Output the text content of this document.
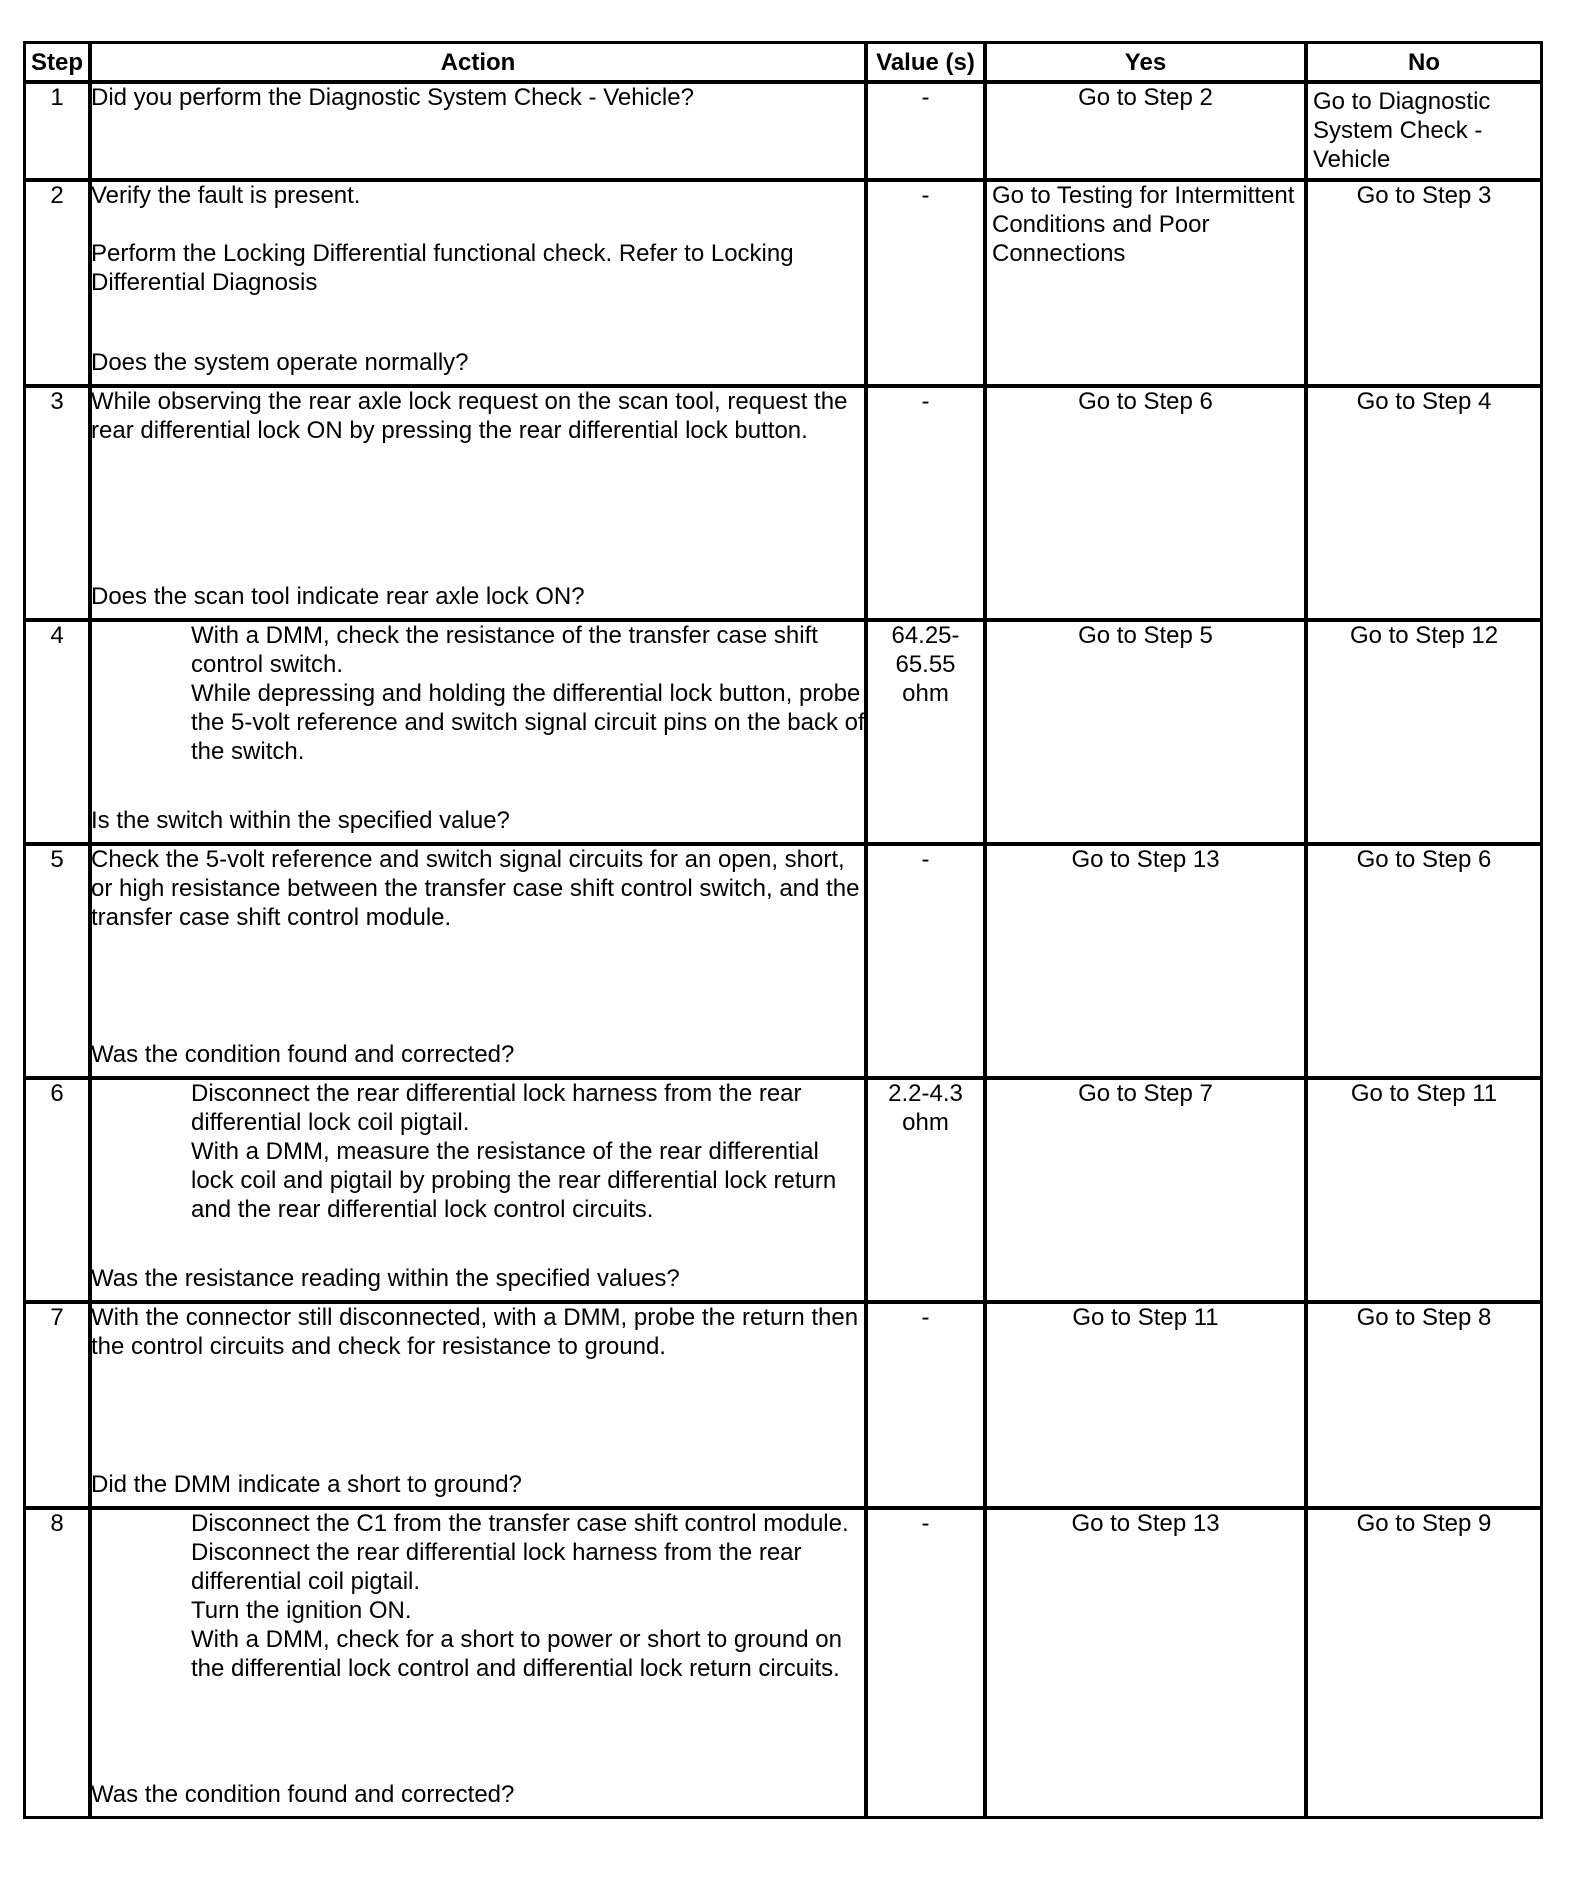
Step	Action	Value (s)	Yes	No
1	Did you perform the Diagnostic System Check - Vehicle?	-	Go to Step 2	Go to Diagnostic System Check - Vehicle
2	Verify the fault is present.
Perform the Locking Differential functional check. Refer to Locking Differential Diagnosis
Does the system operate normally?	-	Go to Testing for Intermittent Conditions and Poor Connections	Go to Step 3
3	While observing the rear axle lock request on the scan tool, request the rear differential lock ON by pressing the rear differential lock button.
Does the scan tool indicate rear axle lock ON?	-	Go to Step 6	Go to Step 4
4	With a DMM, check the resistance of the transfer case shift control switch.
While depressing and holding the differential lock button, probe the 5-volt reference and switch signal circuit pins on the back of the switch.
Is the switch within the specified value?	64.25-65.55 ohm	Go to Step 5	Go to Step 12
5	Check the 5-volt reference and switch signal circuits for an open, short, or high resistance between the transfer case shift control switch, and the transfer case shift control module.
Was the condition found and corrected?	-	Go to Step 13	Go to Step 6
6	Disconnect the rear differential lock harness from the rear differential lock coil pigtail.
With a DMM, measure the resistance of the rear differential lock coil and pigtail by probing the rear differential lock return and the rear differential lock control circuits.
Was the resistance reading within the specified values?	2.2-4.3 ohm	Go to Step 7	Go to Step 11
7	With the connector still disconnected, with a DMM, probe the return then the control circuits and check for resistance to ground.
Did the DMM indicate a short to ground?	-	Go to Step 11	Go to Step 8
8	Disconnect the C1 from the transfer case shift control module.
Disconnect the rear differential lock harness from the rear differential coil pigtail.
Turn the ignition ON.
With a DMM, check for a short to power or short to ground on the differential lock control and differential lock return circuits.
Was the condition found and corrected?	-	Go to Step 13	Go to Step 9
